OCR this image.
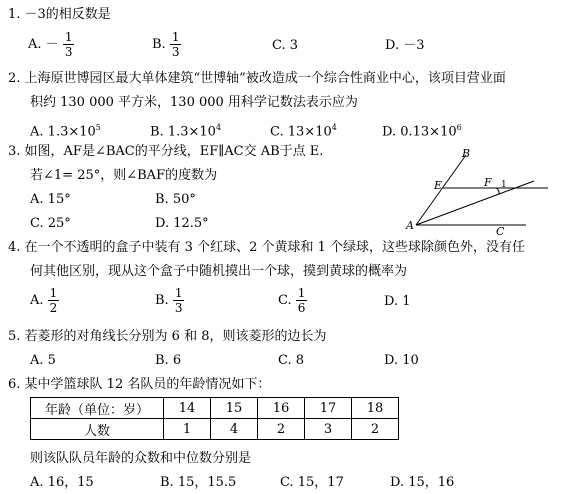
1. －3的相反数是
A. － $\frac{1}{3}$	B. $\frac{1}{3}$	C. 3	D. －3
2. 上海原世博园区最大单体建筑“世博轴”被改造成一个综合性商业中心，该项目营业面
积约 130 000 平方米，130 000 用科学记数法表示应为
A. $1.3\times 10^5$	B. $1.3\times 10^4$	C. $13\times 10^4$	D. $0.13\times 10^6$
3. 如图，AF是∠BAC的平分线，EF∥AC交 AB于点 E.
若∠1= 25°，则∠BAF的度数为
A. 15°	B. 50°
C. 25°	D. 12.5°
B
E	F 1
A	C
4. 在一个不透明的盒子中装有 3 个红球、2 个黄球和 1 个绿球，这些球除颜色外，没有任
何其他区别，现从这个盒子中随机摸出一个球，摸到黄球的概率为
A. $\frac{1}{2}$	B. $\frac{1}{3}$	C. $\frac{1}{6}$	D. 1
5. 若菱形的对角线长分别为 6 和 8，则该菱形的边长为
A. 5	B. 6	C. 8	D. 10
6. 某中学篮球队 12 名队员的年龄情况如下：
年龄（单位：岁）	14	15	16	17	18
人数	1	4	2	3	2
则该队队员年龄的众数和中位数分别是
A. 16，15	B. 15，15.5	C. 15，17	D. 15，16
